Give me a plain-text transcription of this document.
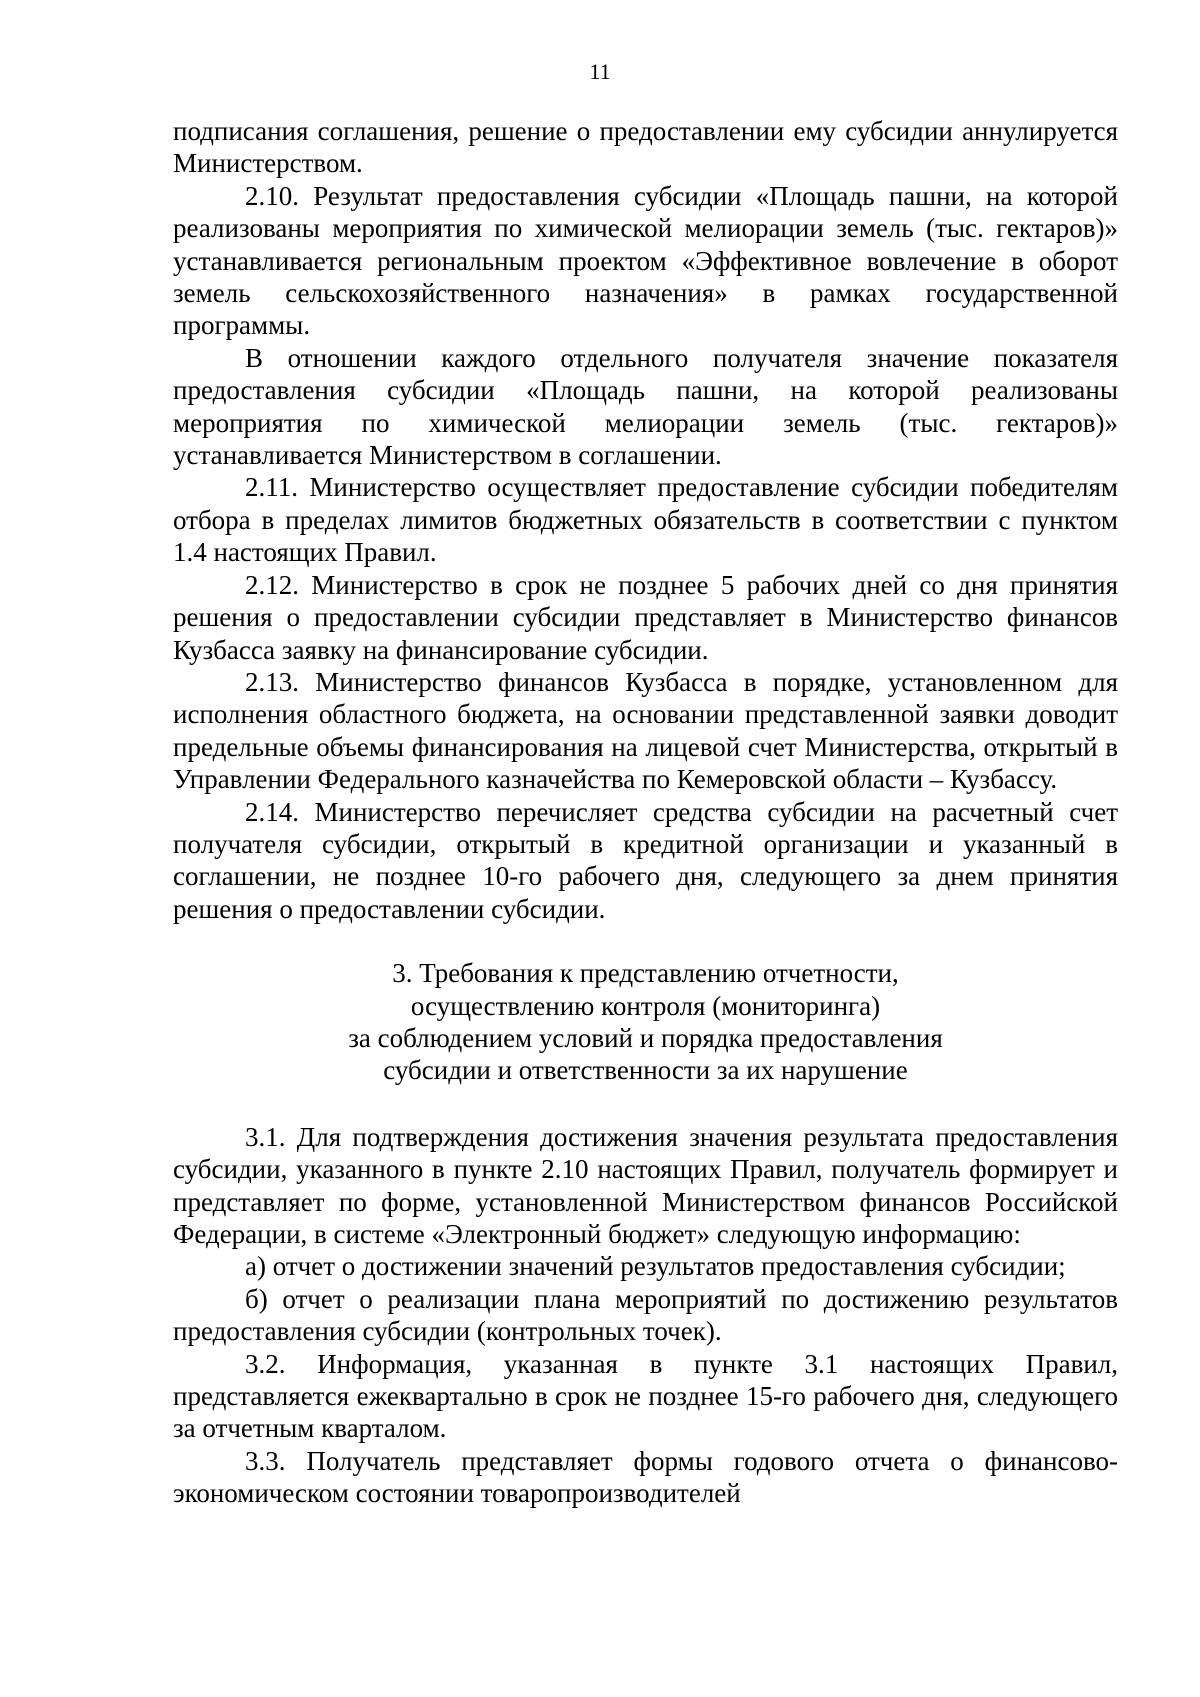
11

подписания соглашения, решение о предоставлении ему субсидии аннулируется Министерством.

2.10. Результат предоставления субсидии «Площадь пашни, на которой реализованы мероприятия по химической мелиорации земель (тыс. гектаров)» устанавливается региональным проектом «Эффективное вовлечение в оборот земель сельскохозяйственного назначения» в рамках государственной программы.

В отношении каждого отдельного получателя значение показателя предоставления субсидии «Площадь пашни, на которой реализованы мероприятия по химической мелиорации земель (тыс. гектаров)» устанавливается Министерством в соглашении.

2.11. Министерство осуществляет предоставление субсидии победителям отбора в пределах лимитов бюджетных обязательств в соответствии с пунктом 1.4 настоящих Правил.

2.12. Министерство в срок не позднее 5 рабочих дней со дня принятия решения о предоставлении субсидии представляет в Министерство финансов Кузбасса заявку на финансирование субсидии.

2.13. Министерство финансов Кузбасса в порядке, установленном для исполнения областного бюджета, на основании представленной заявки доводит предельные объемы финансирования на лицевой счет Министерства, открытый в Управлении Федерального казначейства по Кемеровской области – Кузбассу.

2.14. Министерство перечисляет средства субсидии на расчетный счет получателя субсидии, открытый в кредитной организации и указанный в соглашении, не позднее 10-го рабочего дня, следующего за днем принятия решения о предоставлении субсидии.

3. Требования к представлению отчетности,

осуществлению контроля (мониторинга)

за соблюдением условий и порядка предоставления

субсидии и ответственности за их нарушение

3.1. Для подтверждения достижения значения результата предоставления субсидии, указанного в пункте 2.10 настоящих Правил, получатель формирует и представляет по форме, установленной Министерством финансов Российской Федерации, в системе «Электронный бюджет» следующую информацию:

а) отчет о достижении значений результатов предоставления субсидии;

б) отчет о реализации плана мероприятий по достижению результатов предоставления субсидии (контрольных точек).

3.2. Информация, указанная в пункте 3.1 настоящих Правил, представляется ежеквартально в срок не позднее 15-го рабочего дня, следующего за отчетным кварталом.

3.3. Получатель представляет формы годового отчета о финансово-экономическом состоянии товаропроизводителей
